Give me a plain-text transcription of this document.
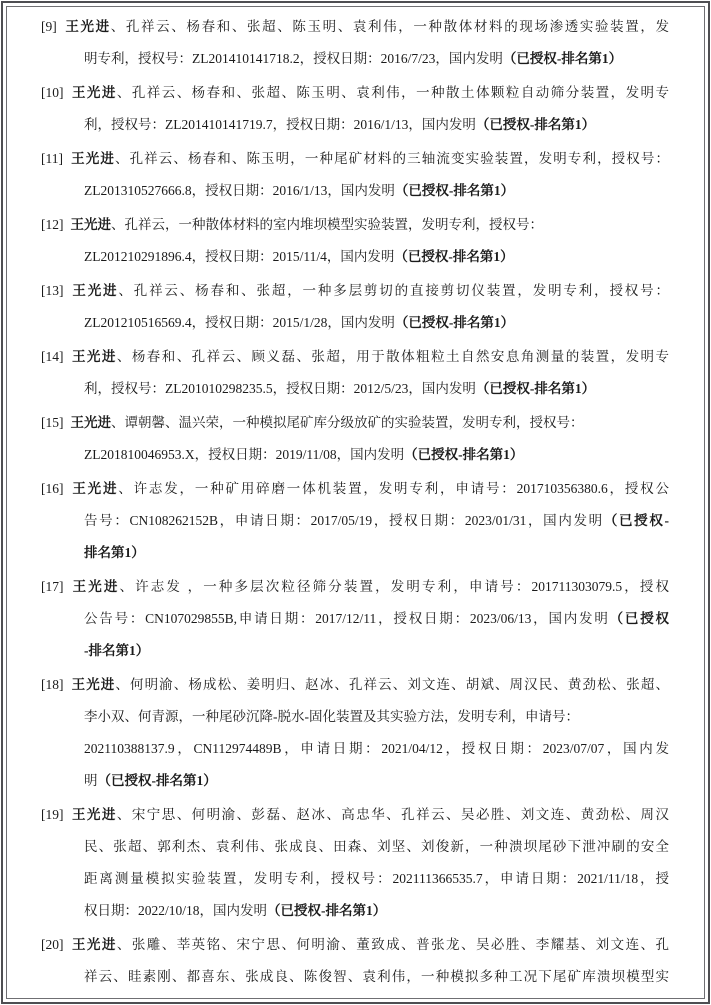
[9] 王光进、孔祥云、杨春和、张超、陈玉明、袁利伟，一种散体材料的现场渗透实验装置，发
明专利，授权号：ZL201410141718.2，授权日期：2016/7/23，国内发明（已授权-排名第1）
[10] 王光进、孔祥云、杨春和、张超、陈玉明、袁利伟，一种散土体颗粒自动筛分装置，发明专
利，授权号：ZL201410141719.7，授权日期：2016/1/13，国内发明（已授权-排名第1）
[11] 王光进、孔祥云、杨春和、陈玉明，一种尾矿材料的三轴流变实验装置，发明专利，授权号：
ZL201310527666.8，授权日期：2016/1/13，国内发明（已授权-排名第1）
[12] 王光进、孔祥云，一种散体材料的室内堆坝模型实验装置，发明专利，授权号：
ZL201210291896.4，授权日期：2015/11/4，国内发明（已授权-排名第1）
[13] 王光进、孔祥云、杨春和、张超，一种多层剪切的直接剪切仪装置，发明专利，授权号：
ZL201210516569.4，授权日期：2015/1/28，国内发明（已授权-排名第1）
[14] 王光进、杨春和、孔祥云、顾义磊、张超，用于散体粗粒土自然安息角测量的装置，发明专
利，授权号：ZL201010298235.5，授权日期：2012/5/23，国内发明（已授权-排名第1）
[15] 王光进、谭朝馨、温兴荣，一种模拟尾矿库分级放矿的实验装置，发明专利，授权号：
ZL201810046953.X，授权日期：2019/11/08，国内发明（已授权-排名第1）
[16] 王光进、许志发，一种矿用碎磨一体机装置，发明专利，申请号：201710356380.6，授权公
告号：CN108262152B，申请日期：2017/05/19，授权日期：2023/01/31，国内发明（已授权-
排名第1）
[17] 王光进、许志发 ，一种多层次粒径筛分装置，发明专利，申请号：201711303079.5，授权
公告号：CN107029855B,申请日期：2017/12/11，授权日期：2023/06/13，国内发明（已授权
-排名第1）
[18] 王光进、何明渝、杨成松、姜明归、赵冰、孔祥云、刘文连、胡斌、周汉民、黄劲松、张超、
李小双、何青源，一种尾砂沉降-脱水-固化装置及其实验方法，发明专利，申请号：
202110388137.9，CN112974489B，申请日期：2021/04/12，授权日期：2023/07/07，国内发
明（已授权-排名第1）
[19] 王光进、宋宁思、何明渝、彭磊、赵冰、高忠华、孔祥云、吴必胜、刘文连、黄劲松、周汉
民、张超、郭利杰、袁利伟、张成良、田森、刘坚、刘俊新，一种溃坝尾砂下泄冲刷的安全
距离测量模拟实验装置，发明专利，授权号：202111366535.7，申请日期：2021/11/18，授
权日期：2022/10/18，国内发明（已授权-排名第1）
[20] 王光进、张雕、莘英铭、宋宁思、何明渝、董致成、普张龙、吴必胜、李耀基、刘文连、孔
祥云、眭素刚、都喜东、张成良、陈俊智、袁利伟，一种模拟多种工况下尾矿库溃坝模型实
